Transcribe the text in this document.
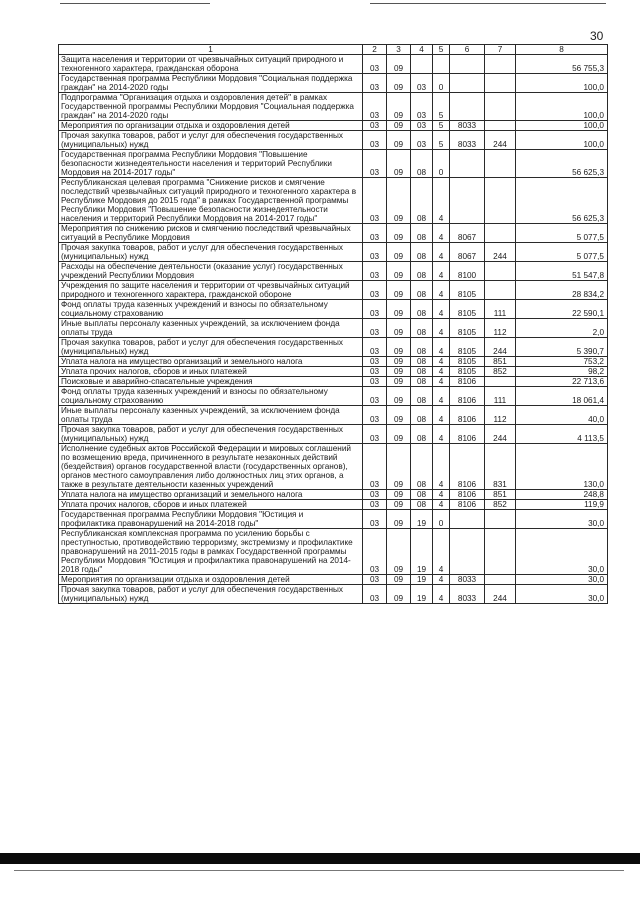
30
1	2	3	4	5	6	7	8
Защита населения и территории от чрезвычайных ситуаций природного и техногенного характера, гражданская оборона	03	09					56 755,3
Государственная программа Республики Мордовия "Социальная поддержка граждан" на 2014-2020 годы	03	09	03	0			100,0
Подпрограмма "Организация отдыха и оздоровления детей" в рамках Государственной программы Республики Мордовия "Социальная поддержка граждан" на 2014-2020 годы	03	09	03	5			100,0
Мероприятия по организации отдыха и оздоровления детей	03	09	03	5	8033		100,0
Прочая закупка товаров, работ и услуг для обеспечения государственных (муниципальных) нужд	03	09	03	5	8033	244	100,0
Государственная программа Республики Мордовия "Повышение безопасности жизнедеятельности населения и территорий Республики Мордовия на 2014-2017 годы"	03	09	08	0			56 625,3
Республиканская целевая программа "Снижение рисков и смягчение последствий чрезвычайных ситуаций природного и техногенного характера в Республике Мордовия до 2015 года" в рамках Государственной программы Республики Мордовия "Повышение безопасности жизнедеятельности населения и территорий Республики Мордовия на 2014-2017 годы"	03	09	08	4			56 625,3
Мероприятия по снижению рисков и смягчению последствий чрезвычайных ситуаций в Республике Мордовия	03	09	08	4	8067		5 077,5
Прочая закупка товаров, работ и услуг для обеспечения государственных (муниципальных) нужд	03	09	08	4	8067	244	5 077,5
Расходы на обеспечение деятельности (оказание услуг) государственных учреждений Республики Мордовия	03	09	08	4	8100		51 547,8
Учреждения по защите населения и территории от чрезвычайных ситуаций природного и техногенного характера, гражданской обороне	03	09	08	4	8105		28 834,2
Фонд оплаты труда казенных учреждений и взносы по обязательному социальному страхованию	03	09	08	4	8105	111	22 590,1
Иные выплаты персоналу казенных учреждений, за исключением фонда оплаты труда	03	09	08	4	8105	112	2,0
Прочая закупка товаров, работ и услуг для обеспечения государственных (муниципальных) нужд	03	09	08	4	8105	244	5 390,7
Уплата налога на имущество организаций и земельного налога	03	09	08	4	8105	851	753,2
Уплата прочих налогов, сборов и иных платежей	03	09	08	4	8105	852	98,2
Поисковые и аварийно-спасательные учреждения	03	09	08	4	8106		22 713,6
Фонд оплаты труда казенных учреждений и взносы по обязательному социальному страхованию	03	09	08	4	8106	111	18 061,4
Иные выплаты персоналу казенных учреждений, за исключением фонда оплаты труда	03	09	08	4	8106	112	40,0
Прочая закупка товаров, работ и услуг для обеспечения государственных (муниципальных) нужд	03	09	08	4	8106	244	4 113,5
Исполнение судебных актов Российской Федерации и мировых соглашений по возмещению вреда, причиненного в результате незаконных действий (бездействия) органов государственной власти (государственных органов), органов местного самоуправления либо должностных лиц этих органов, а также в результате деятельности казенных учреждений	03	09	08	4	8106	831	130,0
Уплата налога на имущество организаций и земельного налога	03	09	08	4	8106	851	248,8
Уплата прочих налогов, сборов и иных платежей	03	09	08	4	8106	852	119,9
Государственная программа Республики Мордовия "Юстиция и профилактика правонарушений на 2014-2018 годы"	03	09	19	0			30,0
Республиканская комплексная программа по усилению борьбы с преступностью, противодействию терроризму, экстремизму и профилактике правонарушений на 2011-2015 годы в рамках Государственной программы Республики Мордовия "Юстиция и профилактика правонарушений на 2014-2018 годы"	03	09	19	4			30,0
Мероприятия по организации отдыха и оздоровления детей	03	09	19	4	8033		30,0
Прочая закупка товаров, работ и услуг для обеспечения государственных (муниципальных) нужд	03	09	19	4	8033	244	30,0
